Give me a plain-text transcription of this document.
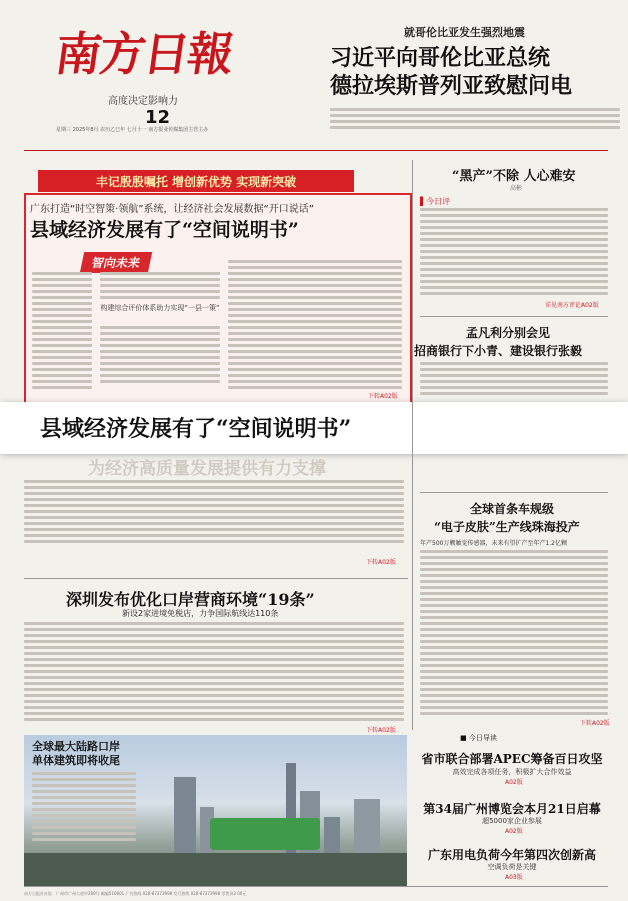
南方日報
高度决定影响力
12
星期三 2025年8月 农历乙巳年 七月十一 南方报业传媒集团主管主办
就哥伦比亚发生强烈地震
习近平向哥伦比亚总统
德拉埃斯普列亚致慰问电
丰记殷殷嘱托 增创新优势 实现新突破
广东打造“时空智策·领航”系统，让经济社会发展数据“开口说话”
县域经济发展有了“空间说明书”
智向未来
构建综合评价体系助力实现“一县一策”
下转A02版
县域经济发展有了“空间说明书”
为经济高质量发展提供有力支撑
“黑产”不除 人心难安
高彬
▌今日评
详见南方评论A02版
孟凡利分别会见
招商银行下小青、建设银行张毅
下转A02版
全球首条车规级
“电子皮肤”生产线珠海投产
年产500万颗触觉传感器，未来有望扩产至年产1.2亿颗
下转A02版
深圳发布优化口岸营商环境“19条”
新设2家进境免税店，力争国际航线达110条
下转A02版
全球最大陆路口岸
单体建筑即将收尾
■ 今日导读
省市联合部署APEC筹备百日攻坚
高效完成各项任务，积极扩大合作效益
A02版
第34届广州博览会本月21日启幕
超5000家企业参展
A02版
广东用电负荷今年第四次创新高
空调负荷是关键
A03版
南方日报社社址：广州市广州大道中289号 邮编510601 广告热线 020-87373998 发行热线 020-87373998 零售价2.00元
